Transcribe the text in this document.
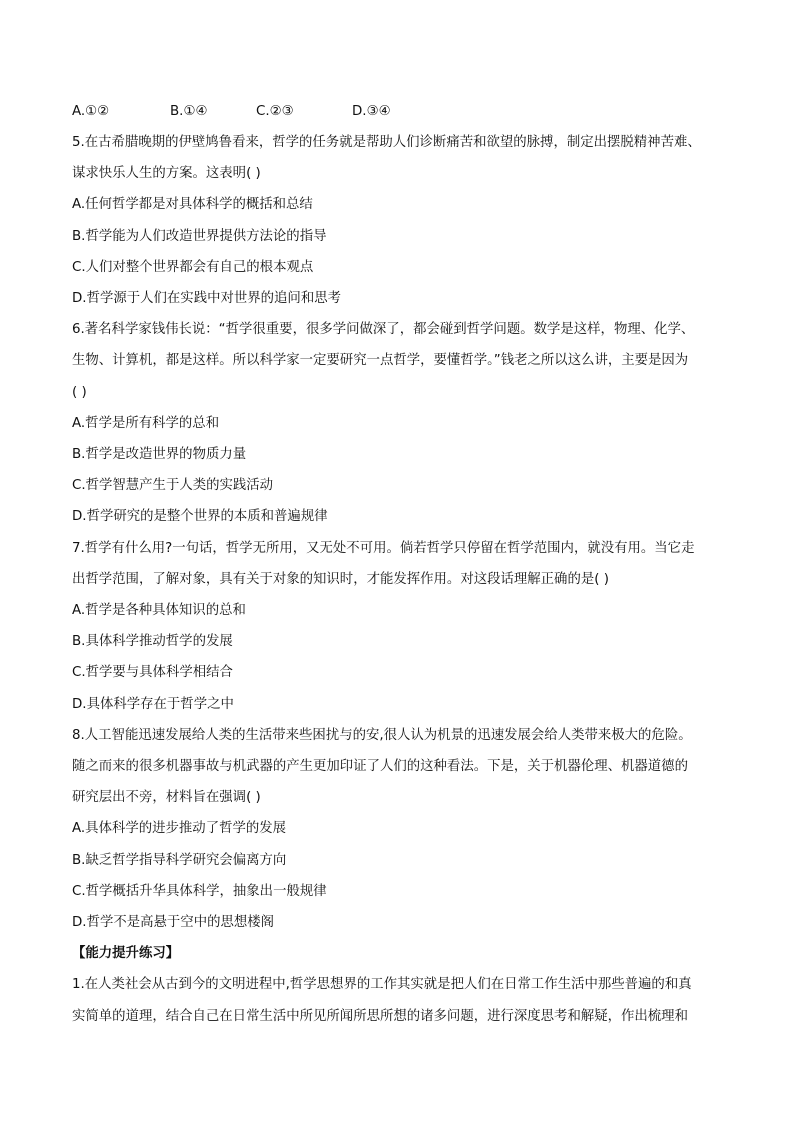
A.①②	B.①④	C.②③	D.③④
5.在古希腊晚期的伊壁鸠鲁看来，哲学的任务就是帮助人们诊断痛苦和欲望的脉搏，制定出摆脱精神苦难、
谋求快乐人生的方案。这表明( )
A.任何哲学都是对具体科学的概括和总结
B.哲学能为人们改造世界提供方法论的指导
C.人们对整个世界都会有自己的根本观点
D.哲学源于人们在实践中对世界的追问和思考
6.著名科学家钱伟长说：“哲学很重要，很多学问做深了，都会碰到哲学问题。数学是这样，物理、化学、
生物、计算机，都是这样。所以科学家一定要研究一点哲学，要懂哲学。”钱老之所以这么讲，主要是因为
( )
A.哲学是所有科学的总和
B.哲学是改造世界的物质力量
C.哲学智慧产生于人类的实践活动
D.哲学研究的是整个世界的本质和普遍规律
7.哲学有什么用?一句话，哲学无所用，又无处不可用。倘若哲学只停留在哲学范围内，就没有用。当它走
出哲学范围，了解对象，具有关于对象的知识时，才能发挥作用。对这段话理解正确的是( )
A.哲学是各种具体知识的总和
B.具体科学推动哲学的发展
C.哲学要与具体科学相结合
D.具体科学存在于哲学之中
8.人工智能迅速发展给人类的生活带来些困扰与的安,很人认为机景的迅速发展会给人类带来极大的危险。
随之而来的很多机器事故与机武器的产生更加印证了人们的这种看法。下是，关于机器伦理、机器道德的
研究层出不旁，材料旨在强调( )
A.具体科学的进步推动了哲学的发展
B.缺乏哲学指导科学研究会偏离方向
C.哲学概括升华具体科学，抽象出一般规律
D.哲学不是高悬于空中的思想楼阁
【能力提升练习】
1.在人类社会从古到今的文明进程中,哲学思想界的工作其实就是把人们在日常工作生活中那些普遍的和真
实简单的道理，结合自己在日常生活中所见所闻所思所想的诸多问题，进行深度思考和解疑，作出梳理和
